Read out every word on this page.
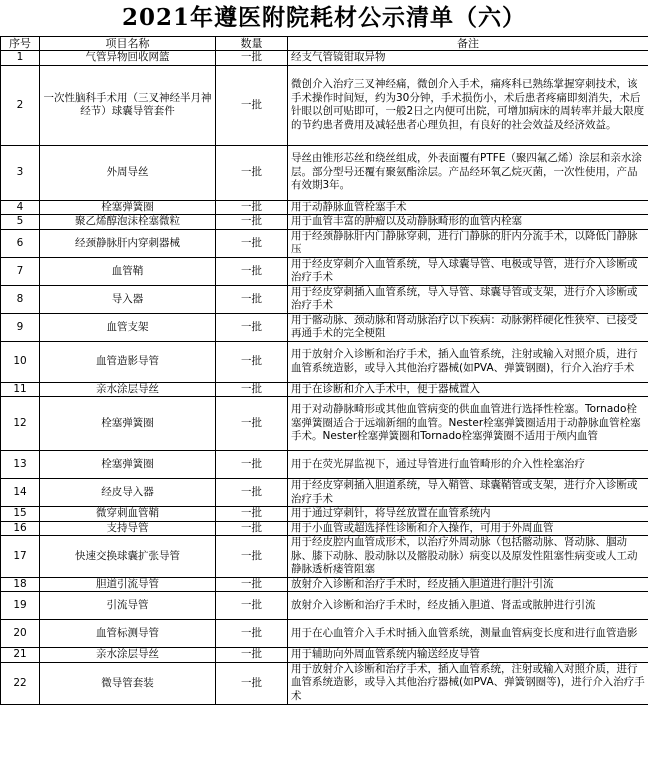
2021年遵医附院耗材公示清单（六）
序号	项目名称	数量	备注
1	气管异物回收网篮	一批	经支气管镜钳取异物
2	一次性脑科手术用（三叉神经半月神经节）球囊导管套件	一批	微创介入治疗三叉神经痛，微创介入手术，痛疼科已熟练掌握穿刺技术，该手术操作时间短，约为30分钟，手术损伤小，术后患者疼痛即刻消失，术后针眼以创可贴即可，一般2日之内便可出院，可增加病床的周转率并最大限度的节约患者费用及减轻患者心理负担，有良好的社会效益及经济效益。
3	外周导丝	一批	导丝由锥形芯丝和绕丝组成，外表面覆有PTFE（聚四氟乙烯）涂层和亲水涂层。部分型号还覆有聚氨酯涂层。产品经环氧乙烷灭菌，一次性使用，产品有效期3年。
4	栓塞弹簧圈	一批	用于动静脉血管栓塞手术
5	聚乙烯醇泡沫栓塞微粒	一批	用于血管丰富的肿瘤以及动静脉畸形的血管内栓塞
6	经颈静脉肝内穿刺器械	一批	用于经颈静脉肝内门静脉穿刺，进行门静脉的肝内分流手术，以降低门静脉压
7	血管鞘	一批	用于经皮穿刺介入血管系统，导入球囊导管、电极或导管，进行介入诊断或治疗手术
8	导入器	一批	用于经皮穿刺插入血管系统，导入导管、球囊导管或支架，进行介入诊断或治疗手术
9	血管支架	一批	用于髂动脉、颈动脉和肾动脉治疗以下疾病：动脉粥样硬化性狭窄、已接受再通手术的完全梗阻
10	血管造影导管	一批	用于放射介入诊断和治疗手术，插入血管系统，注射或输入对照介质，进行血管系统造影，或导入其他治疗器械(如PVA、弹簧钢圈)，行介入治疗手术
11	亲水涂层导丝	一批	用于在诊断和介入手术中，便于器械置入
12	栓塞弹簧圈	一批	用于对动静脉畸形或其他血管病变的供血血管进行选择性栓塞。Tornado栓塞弹簧圈适合于远端新细的血管。Nester栓塞弹簧圈适用于动静脉血管栓塞手术。Nester栓塞弹簧圈和Tornado栓塞弹簧圈不适用于颅内血管
13	栓塞弹簧圈	一批	用于在荧光屏监视下，通过导管进行血管畸形的介入性栓塞治疗
14	经皮导入器	一批	用于经皮穿刺插入胆道系统，导入鞘管、球囊鞘管或支架，进行介入诊断或治疗手术
15	微穿刺血管鞘	一批	用于通过穿刺针，将导丝放置在血管系统内
16	支持导管	一批	用于小血管或超选择性诊断和介入操作，可用于外周血管
17	快速交换球囊扩张导管	一批	用于经皮腔内血管成形术，以治疗外周动脉（包括髂动脉、肾动脉、腘动脉、膝下动脉、股动脉以及髂股动脉）病变以及原发性阻塞性病变或人工动静脉透析瘘管阻塞
18	胆道引流导管	一批	放射介入诊断和治疗手术时，经皮插入胆道进行胆汁引流
19	引流导管	一批	放射介入诊断和治疗手术时，经皮插入胆道、肾盂或脓肿进行引流
20	血管标测导管	一批	用于在心血管介入手术时插入血管系统，测量血管病变长度和进行血管造影
21	亲水涂层导丝	一批	用于辅助向外周血管系统内输送经皮导管
22	微导管套装	一批	用于放射介入诊断和治疗手术，插入血管系统，注射或输入对照介质，进行血管系统造影，或导入其他治疗器械(如PVA、弹簧钢圈等)，进行介入治疗手术
